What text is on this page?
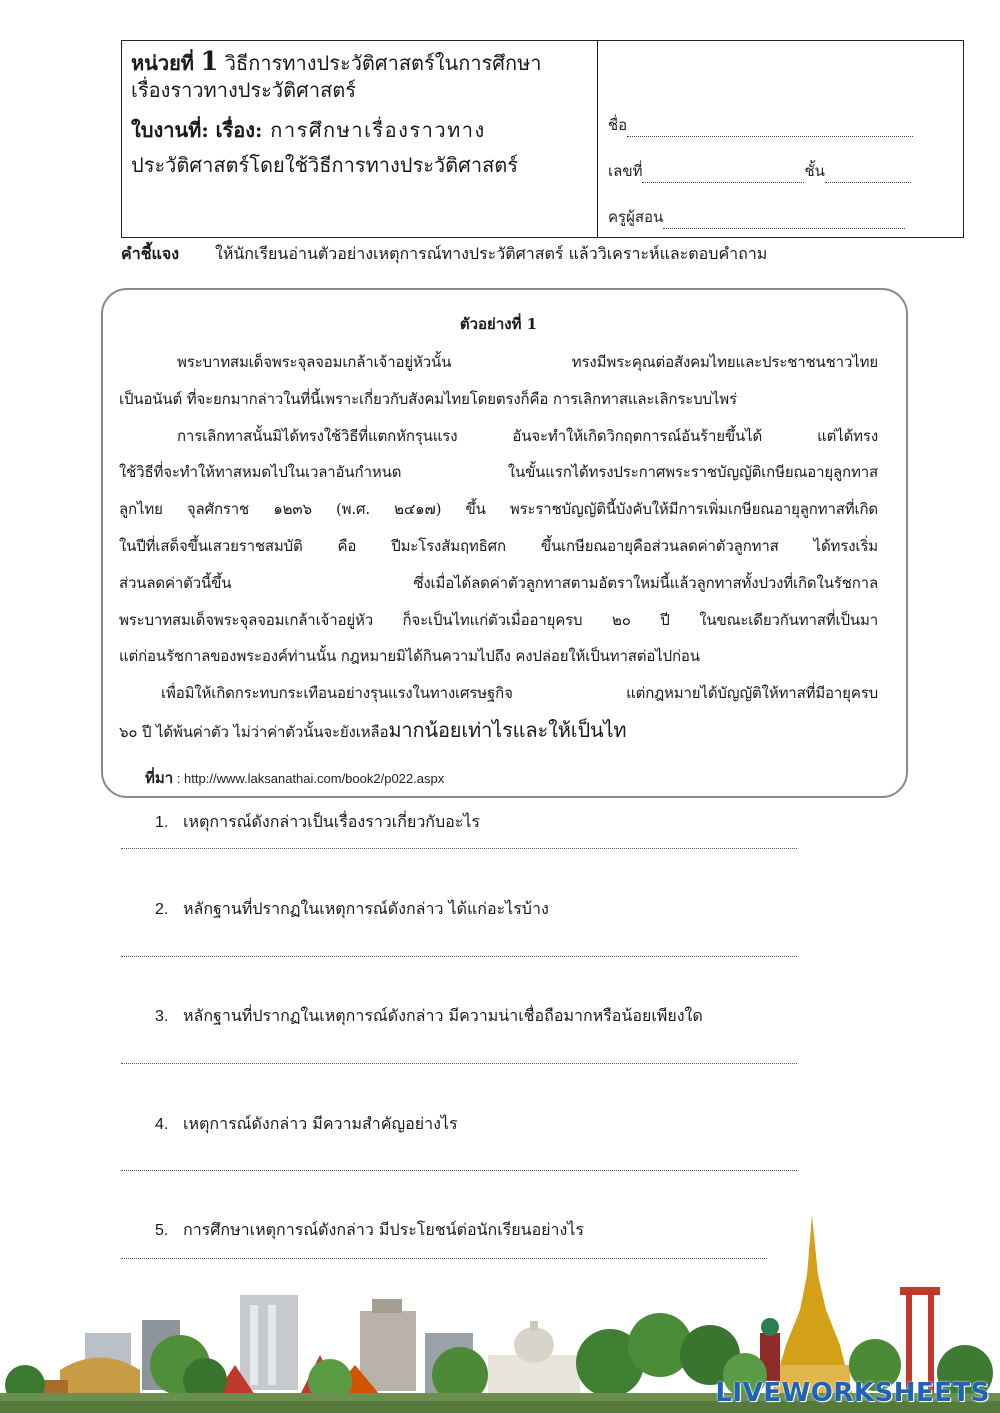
หน่วยที่ 1 วิธีการทางประวัติศาสตร์ในการศึกษา

เรื่องราวทางประวัติศาสตร์

ใบงานที่: เรื่อง: การศึกษาเรื่องราวทาง

ประวัติศาสตร์โดยใช้วิธีการทางประวัติศาสตร์

ชื่อ
เลขที่	ชั้น
ครูผู้สอน
คำชี้แจง ให้นักเรียนอ่านตัวอย่างเหตุการณ์ทางประวัติศาสตร์ แล้ววิเคราะห์และตอบคำถาม
ตัวอย่างที่ 1

พระบาทสมเด็จพระจุลจอมเกล้าเจ้าอยู่หัวนั้น ทรงมีพระคุณต่อสังคมไทยและประชาชนชาวไทย

เป็นอนันต์ ที่จะยกมากล่าวในที่นี้เพราะเกี่ยวกับสังคมไทยโดยตรงก็คือ การเลิกทาสและเลิกระบบไพร่

การเลิกทาสนั้นมิได้ทรงใช้วิธีที่แตกหักรุนแรง อันจะทำให้เกิดวิกฤตการณ์อันร้ายขึ้นได้ แต่ได้ทรง

ใช้วิธีที่จะทำให้ทาสหมดไปในเวลาอันกำหนด ในขั้นแรกได้ทรงประกาศพระราชบัญญัติเกษียณอายุลูกทาส

ลูกไทย จุลศักราช ๑๒๓๖ (พ.ศ. ๒๔๑๗) ขึ้น พระราชบัญญัตินี้บังคับให้มีการเพิ่มเกษียณอายุลูกทาสที่เกิด

ในปีที่เสด็จขึ้นเสวยราชสมบัติ คือ ปีมะโรงสัมฤทธิศก ขึ้นเกษียณอายุคือส่วนลดค่าตัวลูกทาส ได้ทรงเริ่ม

ส่วนลดค่าตัวนี้ขึ้น ซึ่งเมื่อได้ลดค่าตัวลูกทาสตามอัตราใหม่นี้แล้วลูกทาสทั้งปวงที่เกิดในรัชกาล

พระบาทสมเด็จพระจุลจอมเกล้าเจ้าอยู่หัว ก็จะเป็นไทแก่ตัวเมื่ออายุครบ ๒๐ ปี ในขณะเดียวกันทาสที่เป็นมา

แต่ก่อนรัชกาลของพระองค์ท่านนั้น กฎหมายมิได้กินความไปถึง คงปล่อยให้เป็นทาสต่อไปก่อน

เพื่อมิให้เกิดกระทบกระเทือนอย่างรุนแรงในทางเศรษฐกิจ แต่กฎหมายได้บัญญัติให้ทาสที่มีอายุครบ

๖๐ ปี ได้พ้นค่าตัว ไม่ว่าค่าตัวนั้นจะยังเหลือมากน้อยเท่าไรและให้เป็นไท

ที่มา : http://www.laksanathai.com/book2/p022.aspx
1. เหตุการณ์ดังกล่าวเป็นเรื่องราวเกี่ยวกับอะไร
2. หลักฐานที่ปรากฏในเหตุการณ์ดังกล่าว ได้แก่อะไรบ้าง
3. หลักฐานที่ปรากฏในเหตุการณ์ดังกล่าว มีความน่าเชื่อถือมากหรือน้อยเพียงใด
4. เหตุการณ์ดังกล่าว มีความสำคัญอย่างไร
5. การศึกษาเหตุการณ์ดังกล่าว มีประโยชน์ต่อนักเรียนอย่างไร
LIVEWORKSHEETS
